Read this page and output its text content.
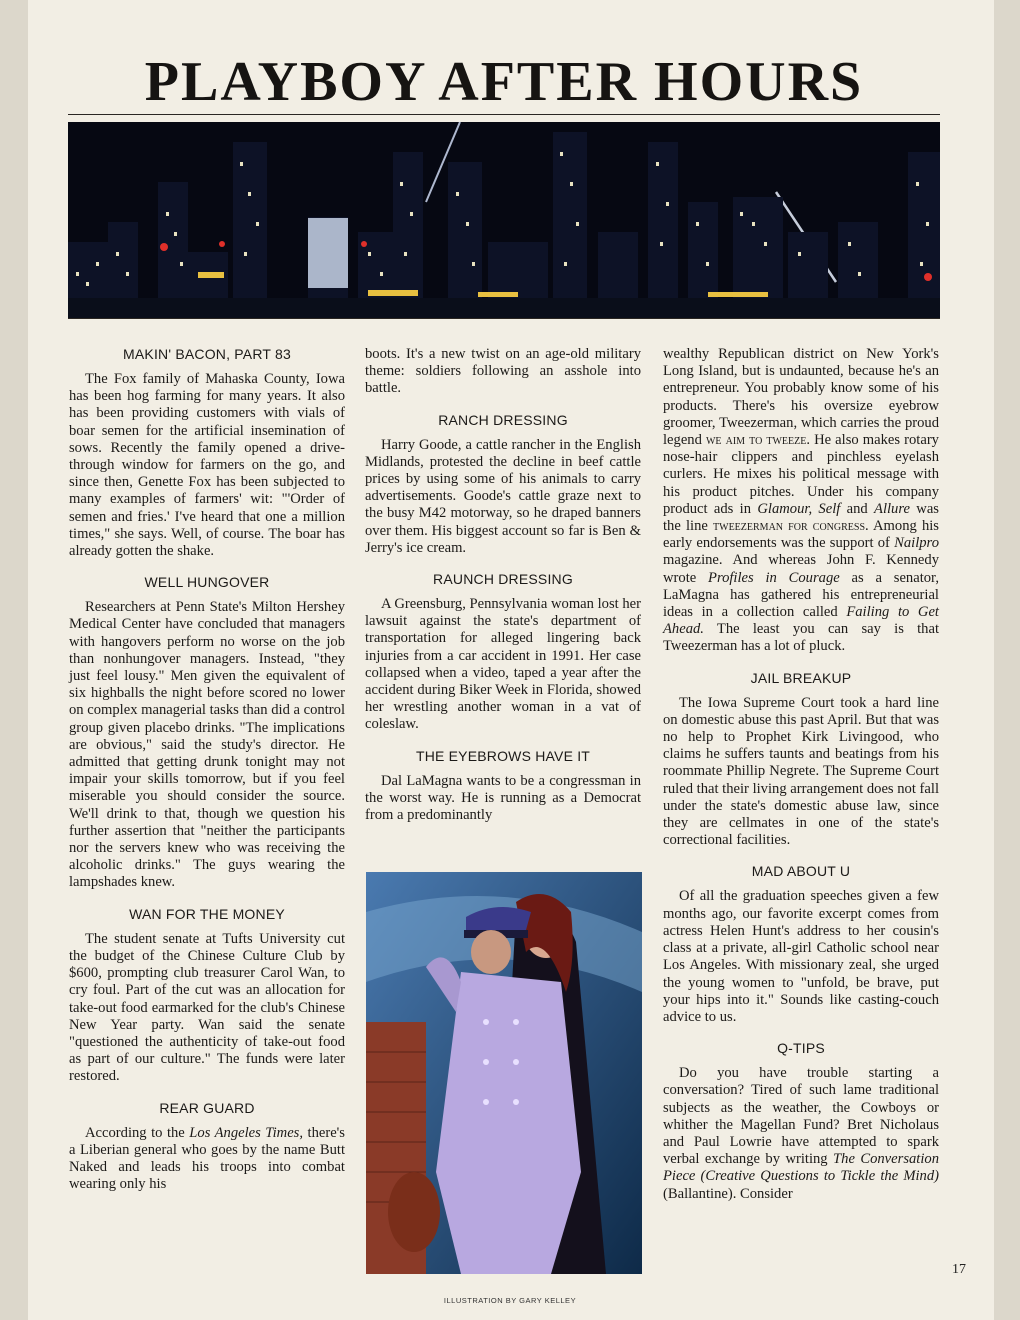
PLAYBOY AFTER HOURS
MAKIN' BACON, PART 83

The Fox family of Mahaska County, Iowa has been hog farming for many years. It also has been providing customers with vials of boar semen for the artificial insemination of sows. Recently the family opened a drive-through window for farmers on the go, and since then, Genette Fox has been subjected to many examples of farmers' wit: "'Order of semen and fries.' I've heard that one a million times," she says. Well, of course. The boar has already gotten the shake.

WELL HUNGOVER

Researchers at Penn State's Milton Hershey Medical Center have concluded that managers with hangovers perform no worse on the job than nonhungover managers. Instead, "they just feel lousy." Men given the equivalent of six highballs the night before scored no lower on complex managerial tasks than did a control group given placebo drinks. "The implications are obvious," said the study's director. He admitted that getting drunk tonight may not impair your skills tomorrow, but if you feel miserable you should consider the source. We'll drink to that, though we question his further assertion that "neither the participants nor the servers knew who was receiving the alcoholic drinks." The guys wearing the lampshades knew.

WAN FOR THE MONEY

The student senate at Tufts University cut the budget of the Chinese Culture Club by $600, prompting club treasurer Carol Wan, to cry foul. Part of the cut was an allocation for take-out food earmarked for the club's Chinese New Year party. Wan said the senate "questioned the authenticity of take-out food as part of our culture." The funds were later restored.

REAR GUARD

According to the Los Angeles Times, there's a Liberian general who goes by the name Butt Naked and leads his troops into combat wearing only his

boots. It's a new twist on an age-old military theme: soldiers following an asshole into battle.

RANCH DRESSING

Harry Goode, a cattle rancher in the English Midlands, protested the decline in beef cattle prices by using some of his animals to carry advertisements. Goode's cattle graze next to the busy M42 motorway, so he draped banners over them. His biggest account so far is Ben & Jerry's ice cream.

RAUNCH DRESSING

A Greensburg, Pennsylvania woman lost her lawsuit against the state's department of transportation for alleged lingering back injuries from a car accident in 1991. Her case collapsed when a video, taped a year after the accident during Biker Week in Florida, showed her wrestling another woman in a vat of coleslaw.

THE EYEBROWS HAVE IT

Dal LaMagna wants to be a congressman in the worst way. He is running as a Democrat from a predominantly

wealthy Republican district on New York's Long Island, but is undaunted, because he's an entrepreneur. You probably know some of his products. There's his oversize eyebrow groomer, Tweezerman, which carries the proud legend we aim to tweeze. He also makes rotary nose-hair clippers and pinchless eyelash curlers. He mixes his political message with his product pitches. Under his company product ads in Glamour, Self and Allure was the line tweezerman for congress. Among his early endorsements was the support of Nailpro magazine. And whereas John F. Kennedy wrote Profiles in Courage as a senator, LaMagna has gathered his entrepreneurial ideas in a collection called Failing to Get Ahead. The least you can say is that Tweezerman has a lot of pluck.

JAIL BREAKUP

The Iowa Supreme Court took a hard line on domestic abuse this past April. But that was no help to Prophet Kirk Livingood, who claims he suffers taunts and beatings from his roommate Phillip Negrete. The Supreme Court ruled that their living arrangement does not fall under the state's domestic abuse law, since they are cellmates in one of the state's correctional facilities.

MAD ABOUT U

Of all the graduation speeches given a few months ago, our favorite excerpt comes from actress Helen Hunt's address to her cousin's class at a private, all-girl Catholic school near Los Angeles. With missionary zeal, she urged the young women to "unfold, be brave, put your hips into it." Sounds like casting-couch advice to us.

Q-TIPS

Do you have trouble starting a conversation? Tired of such lame traditional subjects as the weather, the Cowboys or whither the Magellan Fund? Bret Nicholaus and Paul Lowrie have attempted to spark verbal exchange by writing The Conversation Piece (Creative Questions to Tickle the Mind) (Ballantine). Consider

17
ILLUSTRATION BY GARY KELLEY
